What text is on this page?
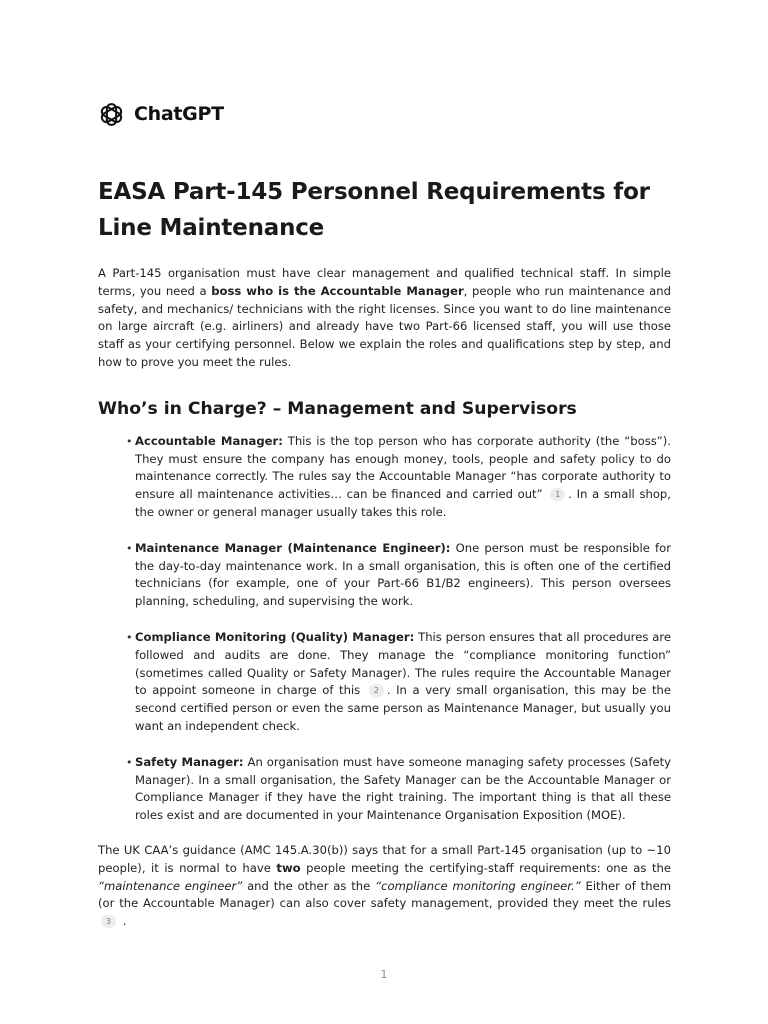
ChatGPT
EASA Part-145 Personnel Requirements for Line Maintenance

A Part-145 organisation must have clear management and qualified technical staff. In simple terms, you need a boss who is the Accountable Manager, people who run maintenance and safety, and mechanics/ technicians with the right licenses. Since you want to do line maintenance on large aircraft (e.g. airliners) and already have two Part-66 licensed staff, you will use those staff as your certifying personnel. Below we explain the roles and qualifications step by step, and how to prove you meet the rules.

Who’s in Charge? – Management and Supervisors
• Accountable Manager: This is the top person who has corporate authority (the “boss”). They must ensure the company has enough money, tools, people and safety policy to do maintenance correctly. The rules say the Accountable Manager “has corporate authority to ensure all maintenance activities… can be financed and carried out” 1 . In a small shop, the owner or general manager usually takes this role.
• Maintenance Manager (Maintenance Engineer): One person must be responsible for the day-to-day maintenance work. In a small organisation, this is often one of the certified technicians (for example, one of your Part-66 B1/B2 engineers). This person oversees planning, scheduling, and supervising the work.
• Compliance Monitoring (Quality) Manager: This person ensures that all procedures are followed and audits are done. They manage the “compliance monitoring function” (sometimes called Quality or Safety Manager). The rules require the Accountable Manager to appoint someone in charge of this 2 . In a very small organisation, this may be the second certified person or even the same person as Maintenance Manager, but usually you want an independent check.
• Safety Manager: An organisation must have someone managing safety processes (Safety Manager). In a small organisation, the Safety Manager can be the Accountable Manager or Compliance Manager if they have the right training. The important thing is that all these roles exist and are documented in your Maintenance Organisation Exposition (MOE).

The UK CAA’s guidance (AMC 145.A.30(b)) says that for a small Part-145 organisation (up to ~10 people), it is normal to have two people meeting the certifying-staff requirements: one as the “maintenance engineer” and the other as the “compliance monitoring engineer.” Either of them (or the Accountable Manager) can also cover safety management, provided they meet the rules 3 .

1
